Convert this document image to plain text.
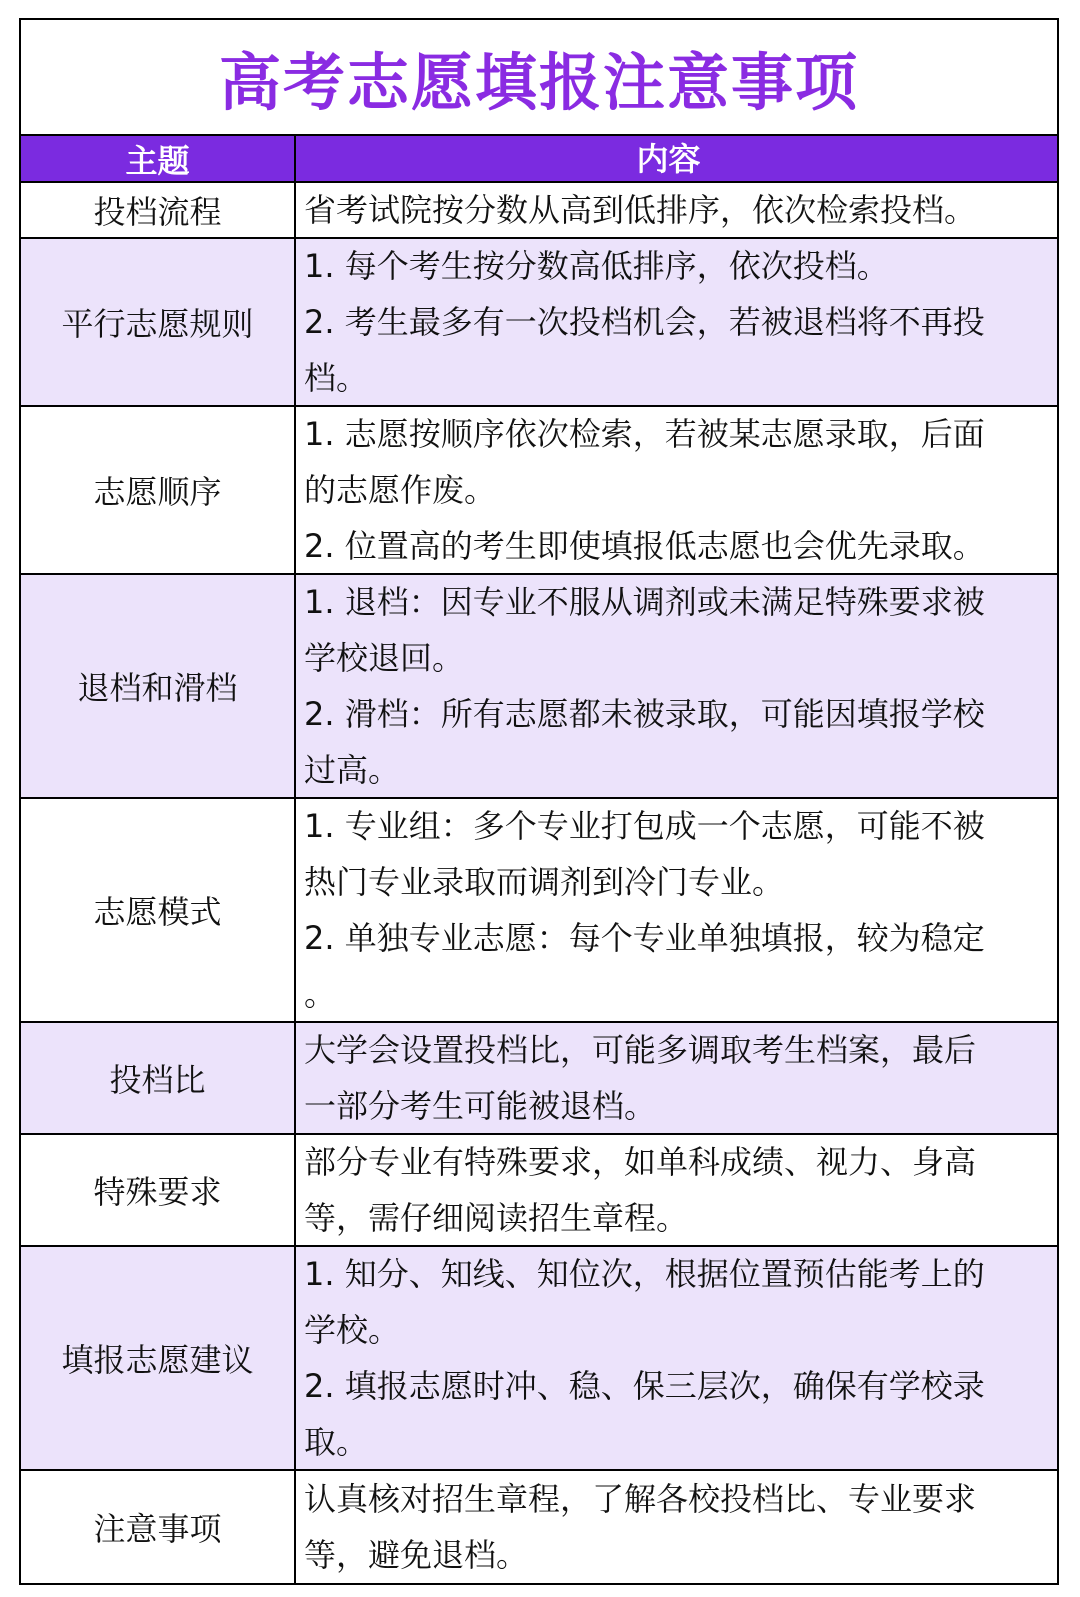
高考志愿填报注意事项
主题	内容
投档流程	省考试院按分数从高到低排序，依次检索投档。
平行志愿规则
1. 每个考生按分数高低排序，依次投档。
2. 考生最多有一次投档机会，若被退档将不再投
档。
志愿顺序
1. 志愿按顺序依次检索，若被某志愿录取，后面
的志愿作废。
2. 位置高的考生即使填报低志愿也会优先录取。
退档和滑档
1. 退档：因专业不服从调剂或未满足特殊要求被
学校退回。
2. 滑档：所有志愿都未被录取，可能因填报学校
过高。
志愿模式
1. 专业组：多个专业打包成一个志愿，可能不被
热门专业录取而调剂到冷门专业。
2. 单独专业志愿：每个专业单独填报，较为稳定
。
投档比
大学会设置投档比，可能多调取考生档案，最后
一部分考生可能被退档。
特殊要求
部分专业有特殊要求，如单科成绩、视力、身高
等，需仔细阅读招生章程。
填报志愿建议
1. 知分、知线、知位次，根据位置预估能考上的
学校。
2. 填报志愿时冲、稳、保三层次，确保有学校录
取。
注意事项
认真核对招生章程，了解各校投档比、专业要求
等，避免退档。
